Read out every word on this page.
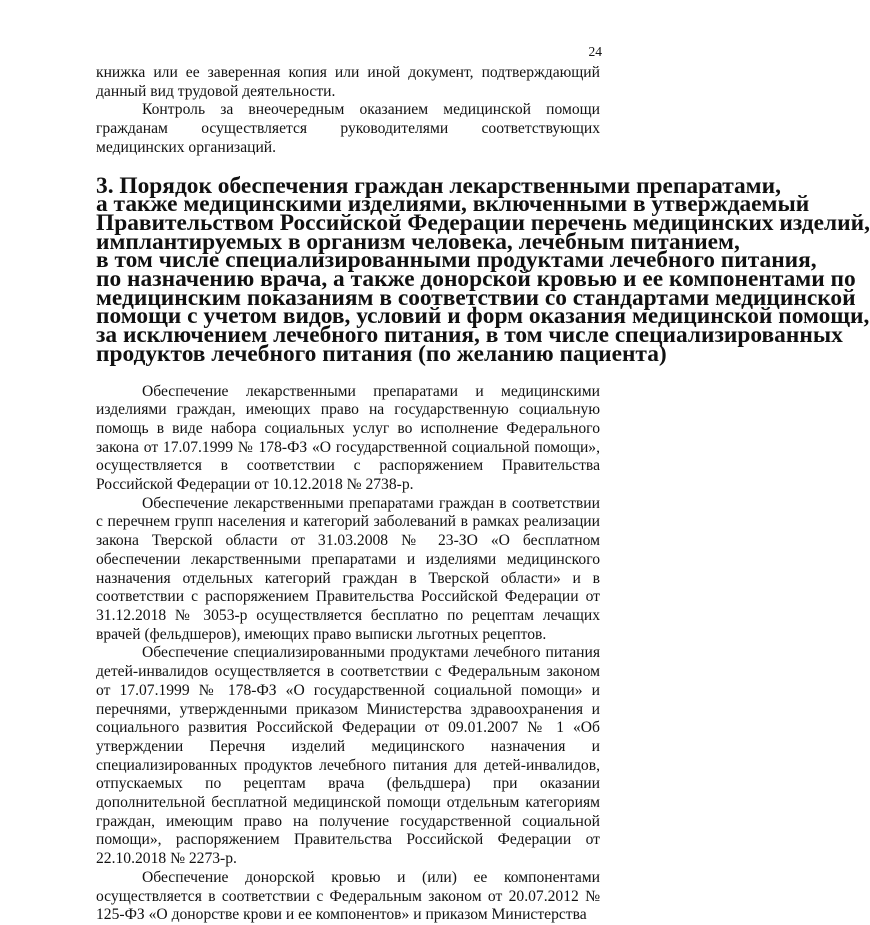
24

книжка или ее заверенная копия или иной документ, подтверждающий данный вид трудовой деятельности.

Контроль за внеочередным оказанием медицинской помощи гражданам осуществляется руководителями соответствующих медицинских организаций.

3. Порядок обеспечения граждан лекарственными препаратами,
а также медицинскими изделиями, включенными в утверждаемый
Правительством Российской Федерации перечень медицинских изделий,
имплантируемых в организм человека, лечебным питанием,
в том числе специализированными продуктами лечебного питания,
по назначению врача, а также донорской кровью и ее компонентами по
медицинским показаниям в соответствии со стандартами медицинской
помощи с учетом видов, условий и форм оказания медицинской помощи,
за исключением лечебного питания, в том числе специализированных
продуктов лечебного питания (по желанию пациента)

Обеспечение лекарственными препаратами и медицинскими изделиями граждан, имеющих право на государственную социальную помощь в виде набора социальных услуг во исполнение Федерального закона от 17.07.1999 № 178-ФЗ «О государственной социальной помощи», осуществляется в соответствии с распоряжением Правительства Российской Федерации от 10.12.2018 № 2738-р.

Обеспечение лекарственными препаратами граждан в соответствии с перечнем групп населения и категорий заболеваний в рамках реализации закона Тверской области от 31.03.2008 № 23-ЗО «О бесплатном обеспечении лекарственными препаратами и изделиями медицинского назначения отдельных категорий граждан в Тверской области» и в соответствии с распоряжением Правительства Российской Федерации от 31.12.2018 № 3053-р осуществляется бесплатно по рецептам лечащих врачей (фельдшеров), имеющих право выписки льготных рецептов.

Обеспечение специализированными продуктами лечебного питания детей-инвалидов осуществляется в соответствии с Федеральным законом от 17.07.1999 № 178-ФЗ «О государственной социальной помощи» и перечнями, утвержденными приказом Министерства здравоохранения и социального развития Российской Федерации от 09.01.2007 № 1 «Об утверждении Перечня изделий медицинского назначения и специализированных продуктов лечебного питания для детей-инвалидов, отпускаемых по рецептам врача (фельдшера) при оказании дополнительной бесплатной медицинской помощи отдельным категориям граждан, имеющим право на получение государственной социальной помощи», распоряжением Правительства Российской Федерации от 22.10.2018 № 2273-р.

Обеспечение донорской кровью и (или) ее компонентами осуществляется в соответствии с Федеральным законом от 20.07.2012 № 125-ФЗ «О донорстве крови и ее компонентов» и приказом Министерства
